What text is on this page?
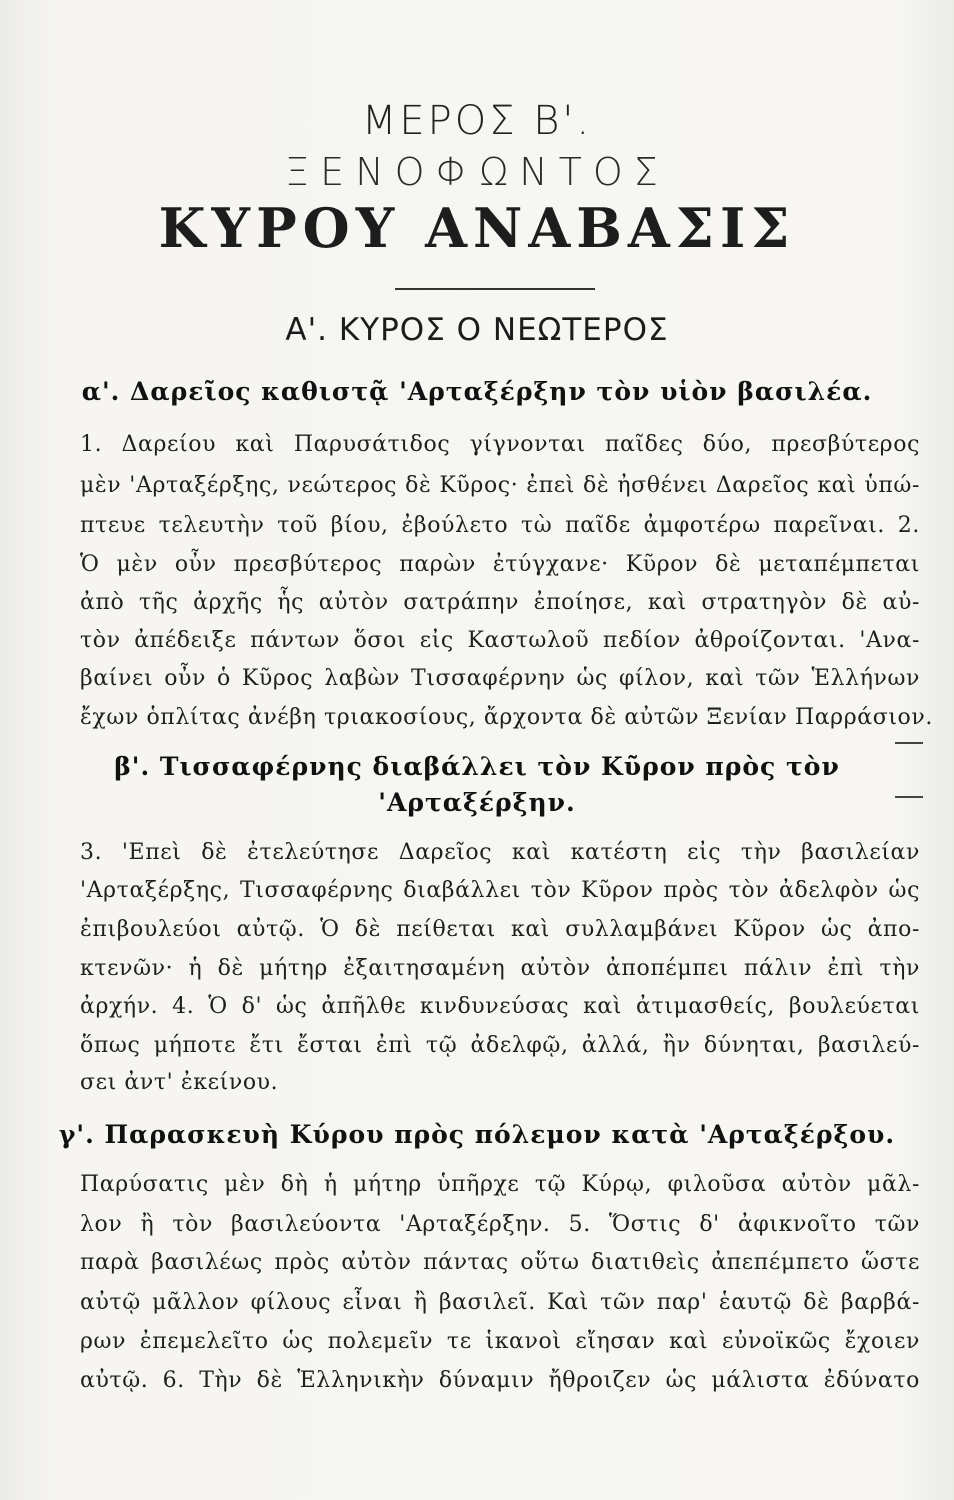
ΜΕΡΟΣ Β'.
ΞΕΝΟΦΩΝΤΟΣ
ΚΥΡΟΥ ΑΝΑΒΑΣΙΣ
Α'. ΚΥΡΟΣ Ο ΝΕΩΤΕΡΟΣ
α'. Δαρεῖος καθιστᾷ 'Αρταξέρξην τὸν υἱὸν βασιλέα.
1. Δαρείου καὶ Παρυσάτιδος γίγνονται παῖδες δύο, πρεσβύτερος
μὲν 'Αρταξέρξης, νεώτερος δὲ Κῦρος· ἐπεὶ δὲ ἠσθένει Δαρεῖος καὶ ὑπώ-
πτευε τελευτὴν τοῦ βίου, ἐβούλετο τὼ παῖδε ἀμφοτέρω παρεῖναι. 2.
Ὁ μὲν οὖν πρεσβύτερος παρὼν ἐτύγχανε· Κῦρον δὲ μεταπέμπεται
ἀπὸ τῆς ἀρχῆς ἧς αὐτὸν σατράπην ἐποίησε, καὶ στρατηγὸν δὲ αὐ-
τὸν ἀπέδειξε πάντων ὅσοι εἰς Καστωλοῦ πεδίον ἀθροίζονται. 'Ανα-
βαίνει οὖν ὁ Κῦρος λαβὼν Τισσαφέρνην ὡς φίλον, καὶ τῶν Ἑλλήνων
ἔχων ὁπλίτας ἀνέβη τριακοσίους, ἄρχοντα δὲ αὐτῶν Ξενίαν Παρράσιον.
β'. Τισσαφέρνης διαβάλλει τὸν Κῦρον πρὸς τὸν
'Αρταξέρξην.
3. 'Επεὶ δὲ ἐτελεύτησε Δαρεῖος καὶ κατέστη εἰς τὴν βασιλείαν
'Αρταξέρξης, Τισσαφέρνης διαβάλλει τὸν Κῦρον πρὸς τὸν ἀδελφὸν ὡς
ἐπιβουλεύοι αὐτῷ. Ὁ δὲ πείθεται καὶ συλλαμβάνει Κῦρον ὡς ἀπο-
κτενῶν· ἡ δὲ μήτηρ ἐξαιτησαμένη αὐτὸν ἀποπέμπει πάλιν ἐπὶ τὴν
ἀρχήν. 4. Ὁ δ' ὡς ἀπῆλθε κινδυνεύσας καὶ ἀτιμασθείς, βουλεύεται
ὅπως μήποτε ἔτι ἔσται ἐπὶ τῷ ἀδελφῷ, ἀλλά, ἢν δύνηται, βασιλεύ-
σει ἀντ' ἐκείνου.
γ'. Παρασκευὴ Κύρου πρὸς πόλεμον κατὰ 'Αρταξέρξου.
Παρύσατις μὲν δὴ ἡ μήτηρ ὑπῆρχε τῷ Κύρῳ, φιλοῦσα αὐτὸν μᾶλ-
λον ἢ τὸν βασιλεύοντα 'Αρταξέρξην. 5. Ὅστις δ' ἀφικνοῖτο τῶν
παρὰ βασιλέως πρὸς αὐτὸν πάντας οὕτω διατιθεὶς ἀπεπέμπετο ὥστε
αὐτῷ μᾶλλον φίλους εἶναι ἢ βασιλεῖ. Καὶ τῶν παρ' ἑαυτῷ δὲ βαρβά-
ρων ἐπεμελεῖτο ὡς πολεμεῖν τε ἱκανοὶ εἴησαν καὶ εὐνοϊκῶς ἔχοιεν
αὐτῷ. 6. Τὴν δὲ Ἑλληνικὴν δύναμιν ἤθροιζεν ὡς μάλιστα ἐδύνατο
